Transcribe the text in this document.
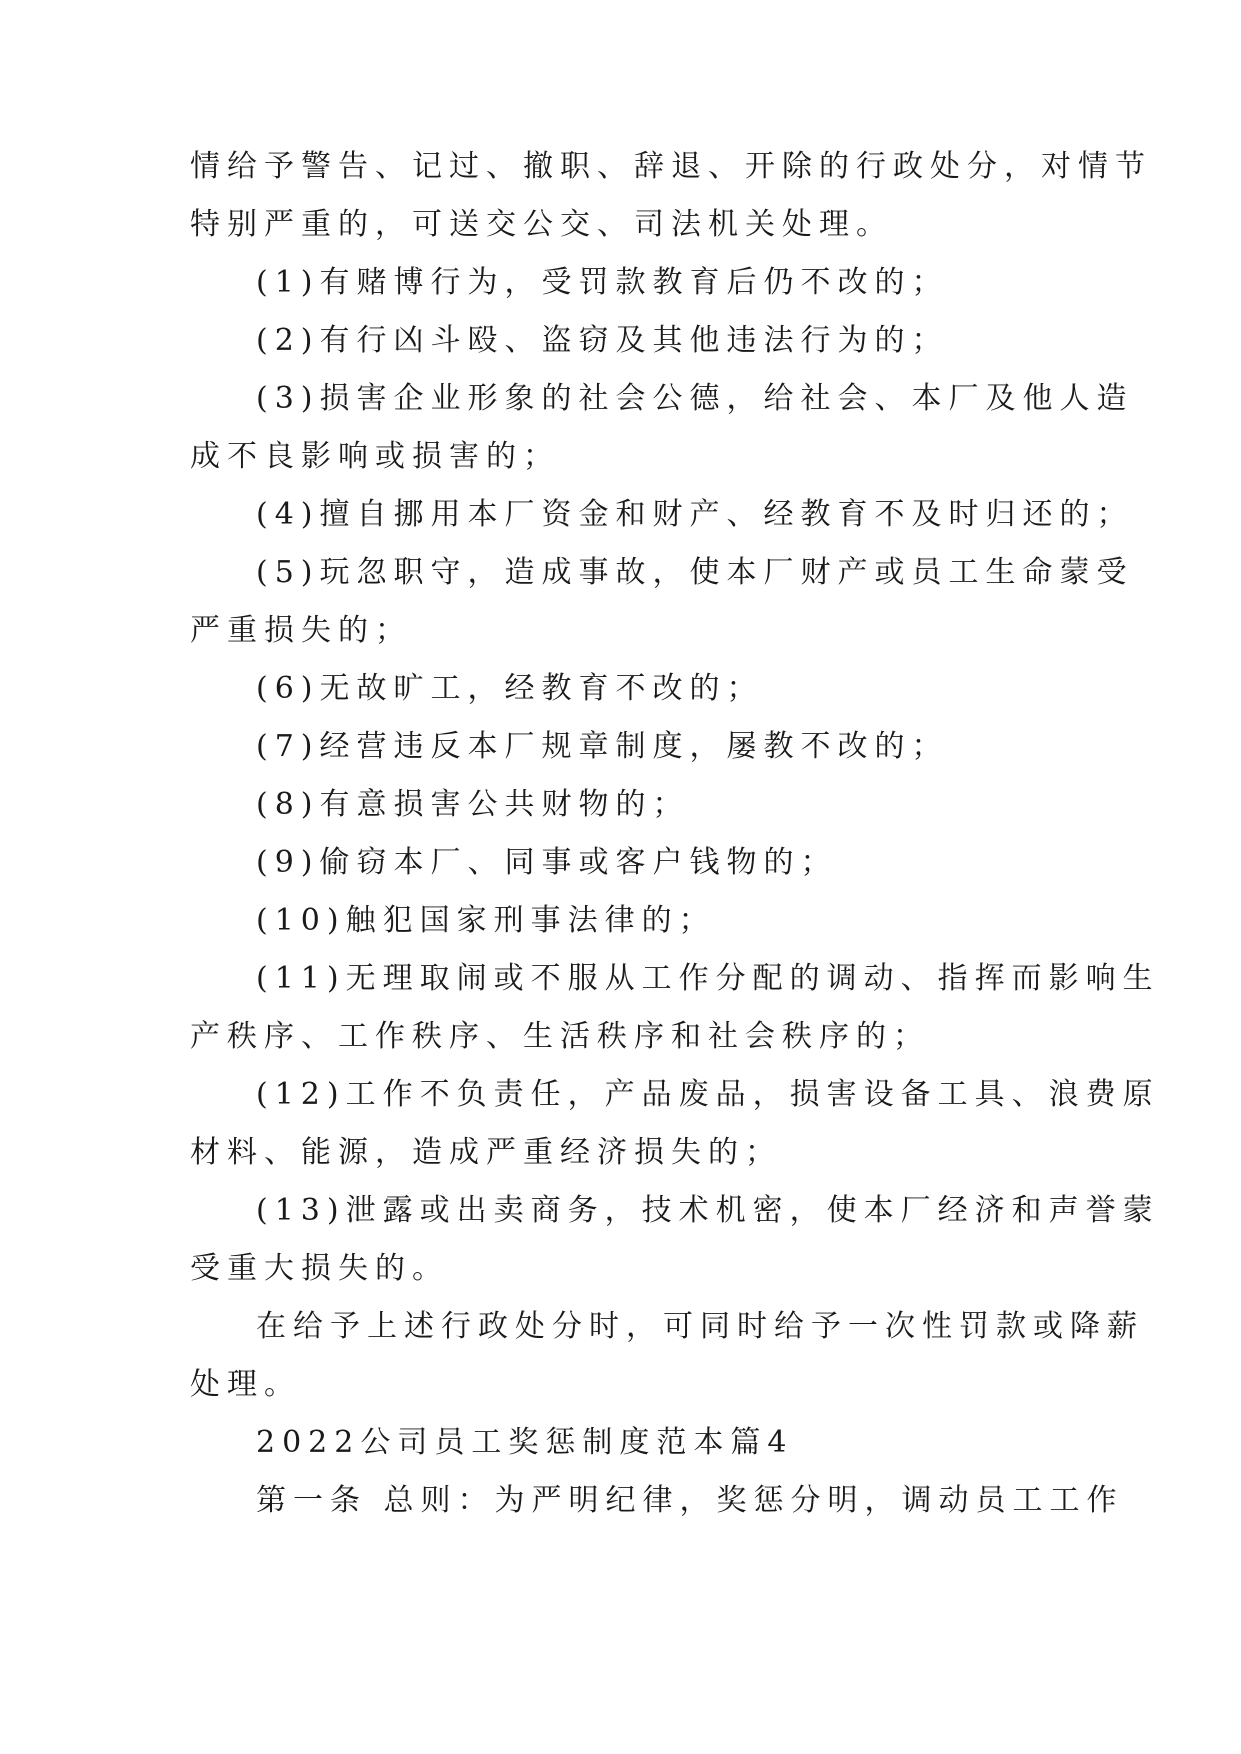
情给予警告、记过、撤职、辞退、开除的行政处分，对情节
特别严重的，可送交公交、司法机关处理。
(1)有赌博行为，受罚款教育后仍不改的；
(2)有行凶斗殴、盗窃及其他违法行为的；
(3)损害企业形象的社会公德，给社会、本厂及他人造
成不良影响或损害的；
(4)擅自挪用本厂资金和财产、经教育不及时归还的；
(5)玩忽职守，造成事故，使本厂财产或员工生命蒙受
严重损失的；
(6)无故旷工，经教育不改的；
(7)经营违反本厂规章制度，屡教不改的；
(8)有意损害公共财物的；
(9)偷窃本厂、同事或客户钱物的；
(10)触犯国家刑事法律的；
(11)无理取闹或不服从工作分配的调动、指挥而影响生
产秩序、工作秩序、生活秩序和社会秩序的；
(12)工作不负责任，产品废品，损害设备工具、浪费原
材料、能源，造成严重经济损失的；
(13)泄露或出卖商务，技术机密，使本厂经济和声誉蒙
受重大损失的。
在给予上述行政处分时，可同时给予一次性罚款或降薪
处理。
2022公司员工奖惩制度范本篇4
第一条 总则：为严明纪律，奖惩分明，调动员工工作
